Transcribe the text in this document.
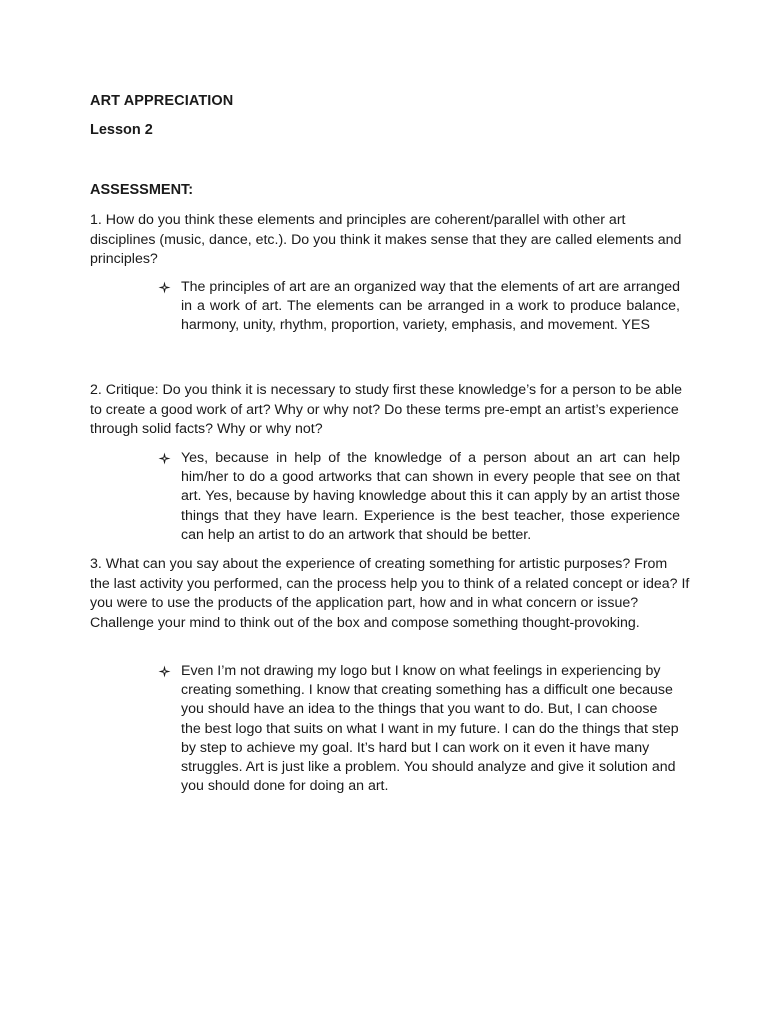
ART APPRECIATION
Lesson 2
ASSESSMENT:

1. How do you think these elements and principles are coherent/parallel with other art disciplines (music, dance, etc.). Do you think it makes sense that they are called elements and principles?

The principles of art are an organized way that the elements of art are arranged in a work of art. The elements can be arranged in a work to produce balance, harmony, unity, rhythm, proportion, variety, emphasis, and movement. YES

2. Critique: Do you think it is necessary to study first these knowledge’s for a person to be able to create a good work of art? Why or why not? Do these terms pre-empt an artist’s experience through solid facts? Why or why not?

Yes, because in help of the knowledge of a person about an art can help him/her to do a good artworks that can shown in every people that see on that art. Yes, because by having knowledge about this it can apply by an artist those things that they have learn. Experience is the best teacher, those experience can help an artist to do an artwork that should be better.

3. What can you say about the experience of creating something for artistic purposes? From the last activity you performed, can the process help you to think of a related concept or idea? If you were to use the products of the application part, how and in what concern or issue? Challenge your mind to think out of the box and compose something thought-provoking.

Even I’m not drawing my logo but I know on what feelings in experiencing by creating something. I know that creating something has a difficult one because you should have an idea to the things that you want to do. But, I can choose the best logo that suits on what I want in my future. I can do the things that step by step to achieve my goal. It’s hard but I can work on it even it have many struggles. Art is just like a problem. You should analyze and give it solution and you should done for doing an art.
